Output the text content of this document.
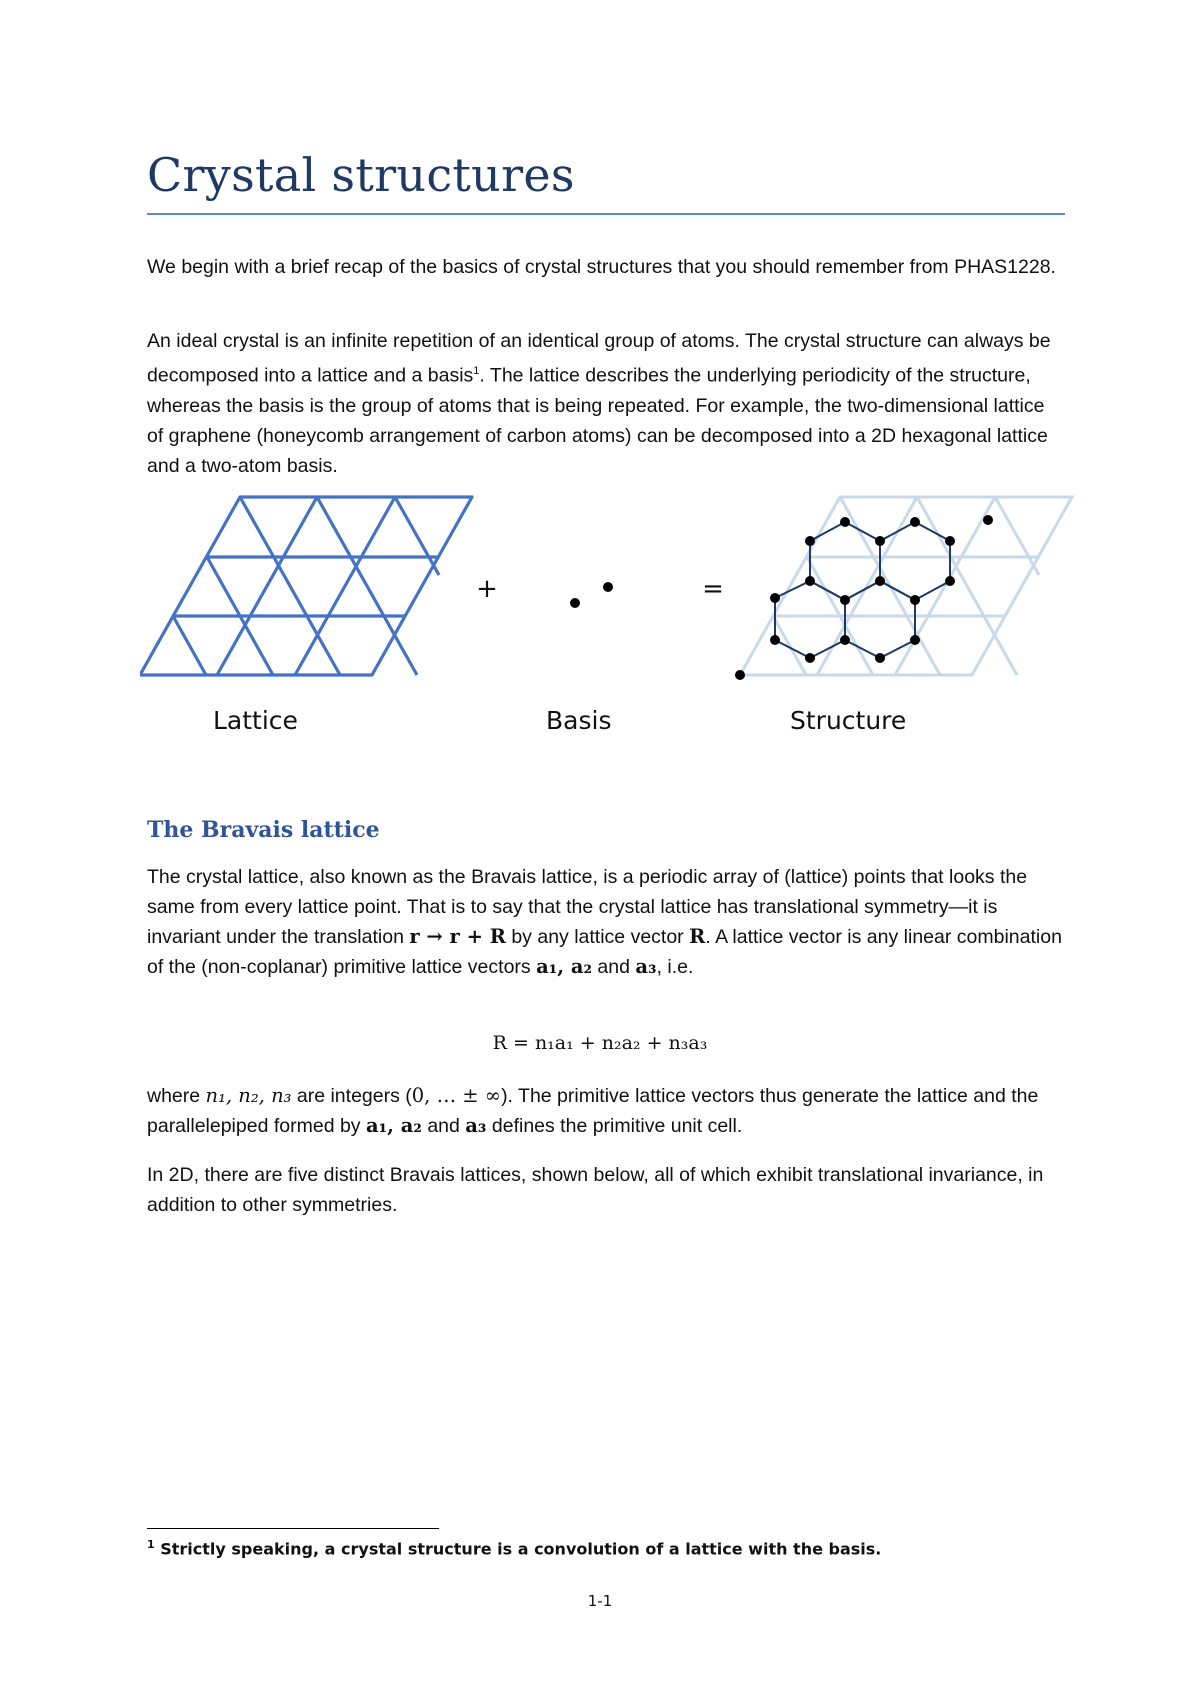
Crystal structures

We begin with a brief recap of the basics of crystal structures that you should remember from PHAS1228.

An ideal crystal is an infinite repetition of an identical group of atoms. The crystal structure can always be decomposed into a lattice and a basis$^1$. The lattice describes the underlying periodicity of the structure, whereas the basis is the group of atoms that is being repeated. For example, the two-dimensional lattice of graphene (honeycomb arrangement of carbon atoms) can be decomposed into a 2D hexagonal lattice and a two-atom basis.

+	=
Lattice	Basis	Structure
The Bravais lattice

The crystal lattice, also known as the Bravais lattice, is a periodic array of (lattice) points that looks the same from every lattice point. That is to say that the crystal lattice has translational symmetry—it is invariant under the translation r → r + R by any lattice vector R. A lattice vector is any linear combination of the (non-coplanar) primitive lattice vectors a₁, a₂ and a₃, i.e.

R = n₁a₁ + n₂a₂ + n₃a₃

where n₁, n₂, n₃ are integers (0, … ± ∞). The primitive lattice vectors thus generate the lattice and the parallelepiped formed by a₁, a₂ and a₃ defines the primitive unit cell.

In 2D, there are five distinct Bravais lattices, shown below, all of which exhibit translational invariance, in addition to other symmetries.

$^1$ Strictly speaking, a crystal structure is a convolution of a lattice with the basis.

1-1
